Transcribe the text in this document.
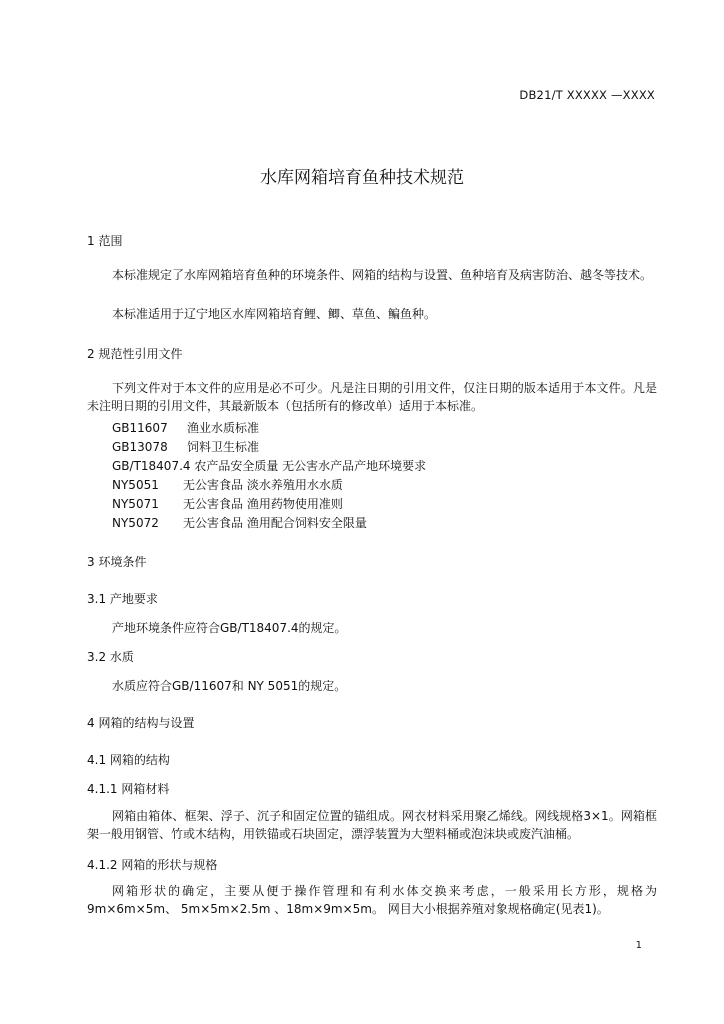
DB21/T XXXXX —XXXX
水库网箱培育鱼种技术规范
1 范围
本标准规定了水库网箱培育鱼种的环境条件、网箱的结构与设置、鱼种培育及病害防治、越冬等技术。
本标准适用于辽宁地区水库网箱培育鲤、鲫、草鱼、鳊鱼种。
2 规范性引用文件
下列文件对于本文件的应用是必不可少。凡是注日期的引用文件，仅注日期的版本适用于本文件。凡是未注明日期的引用文件，其最新版本（包括所有的修改单）适用于本标准。
GB11607 渔业水质标准
GB13078 饲料卫生标准
GB/T18407.4 农产品安全质量 无公害水产品产地环境要求
NY5051 无公害食品 淡水养殖用水水质
NY5071 无公害食品 渔用药物使用准则
NY5072 无公害食品 渔用配合饲料安全限量
3 环境条件
3.1 产地要求
产地环境条件应符合GB/T18407.4的规定。
3.2 水质
水质应符合GB/11607和 NY 5051的规定。
4 网箱的结构与设置
4.1 网箱的结构
4.1.1 网箱材料
网箱由箱体、框架、浮子、沉子和固定位置的锚组成。网衣材料采用聚乙烯线。网线规格3×1。网箱框架一般用钢管、竹或木结构，用铁锚或石块固定，漂浮装置为大塑料桶或泡沫块或废汽油桶。
4.1.2 网箱的形状与规格
网箱形状的确定，主要从便于操作管理和有利水体交换来考虑，一般采用长方形，规格为9m×6m×5m、 5m×5m×2.5m 、18m×9m×5m。 网目大小根据养殖对象规格确定(见表1)。
1
